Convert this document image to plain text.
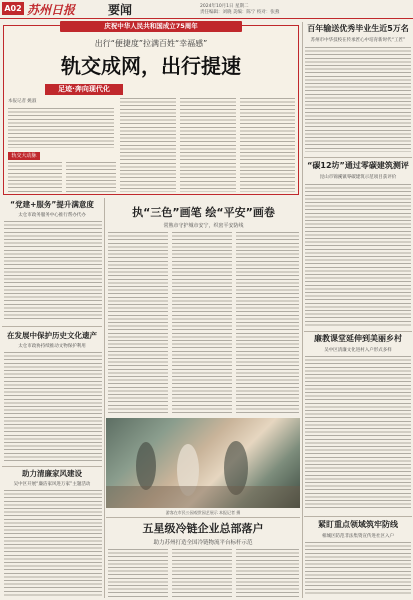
A02 苏州日报	要闻	2024年10月1日 星期二
责任编辑：刘晓 美编：陈宁 校对：张燕
庆祝中华人民共和国成立75周年
出行“便捷度”拉满百姓“幸福感”
轨交成网，出行提速
足迹·奔向现代化
本报记者 姚淑
轨交大动脉
百年输送优秀毕业生近5万名
苏州市中华技校在传承匠心中培育新时代“工匠”
“碳12坊”通过零碳建筑测评
昆山市锦溪镇零碳建筑示范项目获评价
廉教课堂延伸到美丽乡村
吴中区清廉文化进村入户形式多样
紧盯重点领域筑牢防线
相城区防范非法集资宣传进社区入户
“党建+服务”提升满意度
太仓市政务服务中心推行帮办代办
在发展中保护历史文化遗产
太仓市政协持续推动文物保护利用
助力清廉家风建设
吴中区开展“廉洁家风进万家”主题活动
执“三色”画笔 绘“平安”画卷
常熟市守护城市安宁，织密平安防线
游客在市民公园观赏园艺展示 本报记者 摄
五星级冷链企业总部落户
助力苏州打造全国冷链物流平台标杆示范
